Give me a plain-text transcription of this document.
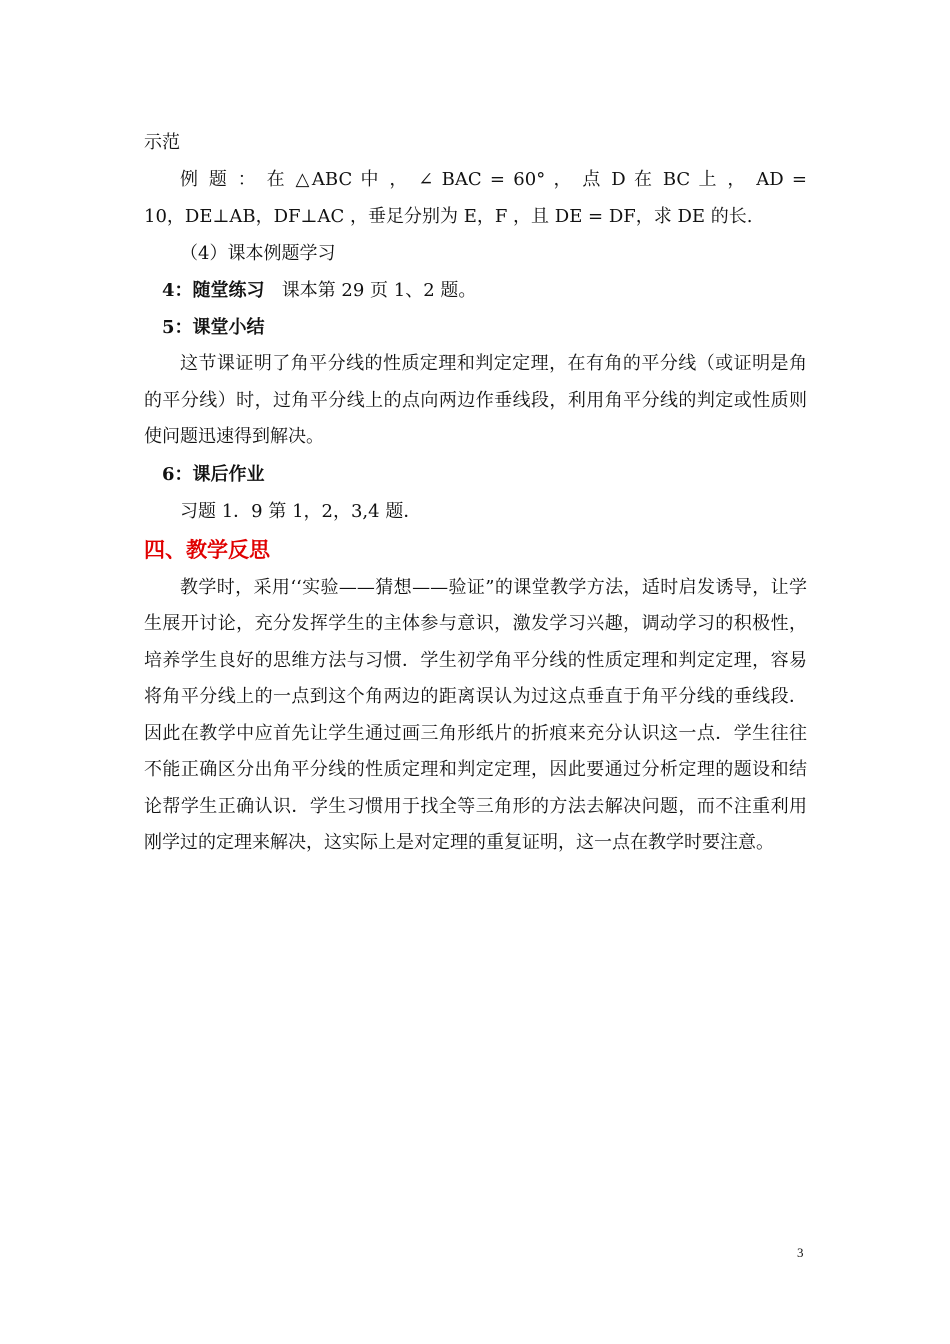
示范

例 题 ： 在 △ABC 中 ， ∠ BAC = 60° ， 点 D 在 BC 上 ， AD =

10，DE⊥AB，DF⊥AC ，垂足分别为 E，F ，且 DE = DF，求 DE 的长.

（4）课本例题学习

4：随堂练习 课本第 29 页 1、2 题。

5：课堂小结

这节课证明了角平分线的性质定理和判定定理，在有角的平分线（或证明是角的平分线）时，过角平分线上的点向两边作垂线段，利用角平分线的判定或性质则使问题迅速得到解决。

6：课后作业

习题 1．9 第 1，2，3,4 题．

四、教学反思

教学时，采用‘‘实验——猜想——验证”的课堂教学方法，适时启发诱导，让学生展开讨论，充分发挥学生的主体参与意识，激发学习兴趣，调动学习的积极性，培养学生良好的思维方法与习惯．学生初学角平分线的性质定理和判定定理，容易将角平分线上的一点到这个角两边的距离误认为过这点垂直于角平分线的垂线段．因此在教学中应首先让学生通过画三角形纸片的折痕来充分认识这一点．学生往往不能正确区分出角平分线的性质定理和判定定理，因此要通过分析定理的题设和结论帮学生正确认识．学生习惯用于找全等三角形的方法去解决问题，而不注重利用刚学过的定理来解决，这实际上是对定理的重复证明，这一点在教学时要注意。

3
